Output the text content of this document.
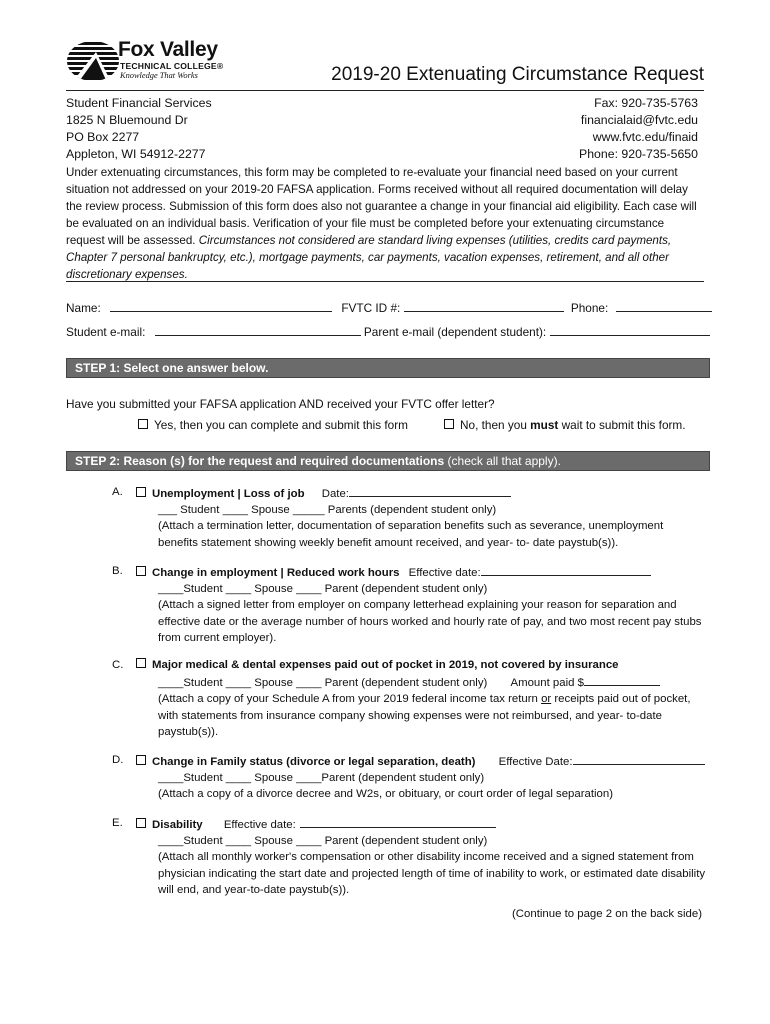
Fox Valley
TECHNICAL COLLEGE®
Knowledge That Works	2019-20 Extenuating Circumstance Request
Student Financial Services
1825 N Bluemound Dr
PO Box 2277
Appleton, WI 54912-2277
Fax: 920-735-5763
financialaid@fvtc.edu
www.fvtc.edu/finaid
Phone: 920-735-5650
Under extenuating circumstances, this form may be completed to re-evaluate your financial need based on your current situation not addressed on your 2019-20 FAFSA application. Forms received without all required documentation will delay the review process. Submission of this form does also not guarantee a change in your financial aid eligibility. Each case will be evaluated on an individual basis. Verification of your file must be completed before your extenuating circumstance request will be assessed. Circumstances not considered are standard living expenses (utilities, credits card payments, Chapter 7 personal bankruptcy, etc.), mortgage payments, car payments, vacation expenses, retirement, and all other discretionary expenses.
Name:	FVTC ID #:	Phone:
Student e-mail:	Parent e-mail (dependent student):
STEP 1: Select one answer below.
Have you submitted your FAFSA application AND received your FVTC offer letter?
Yes, then you can complete and submit this form	No, then you must wait to submit this form.
STEP 2: Reason (s) for the request and required documentations (check all that apply).
A.	Unemployment | Loss of job Date:
___ Student ____ Spouse _____ Parents (dependent student only)
(Attach a termination letter, documentation of separation benefits such as severance, unemployment benefits statement showing weekly benefit amount received, and year- to- date paystub(s)).
B.	Change in employment | Reduced work hours Effective date:
____Student ____ Spouse ____ Parent (dependent student only)
(Attach a signed letter from employer on company letterhead explaining your reason for separation and effective date or the average number of hours worked and hourly rate of pay, and two most recent pay stubs from current employer).
C.	Major medical & dental expenses paid out of pocket in 2019, not covered by insurance
____Student ____ Spouse ____ Parent (dependent student only) Amount paid $
(Attach a copy of your Schedule A from your 2019 federal income tax return or receipts paid out of pocket, with statements from insurance company showing expenses were not reimbursed, and year- to-date paystub(s)).
D.	Change in Family status (divorce or legal separation, death) Effective Date:
____Student ____ Spouse ____Parent (dependent student only)
(Attach a copy of a divorce decree and W2s, or obituary, or court order of legal separation)
E.	Disability Effective date:
____Student ____ Spouse ____ Parent (dependent student only)
(Attach all monthly worker's compensation or other disability income received and a signed statement from physician indicating the start date and projected length of time of inability to work, or estimated date disability will end, and year-to-date paystub(s)).
(Continue to page 2 on the back side)
